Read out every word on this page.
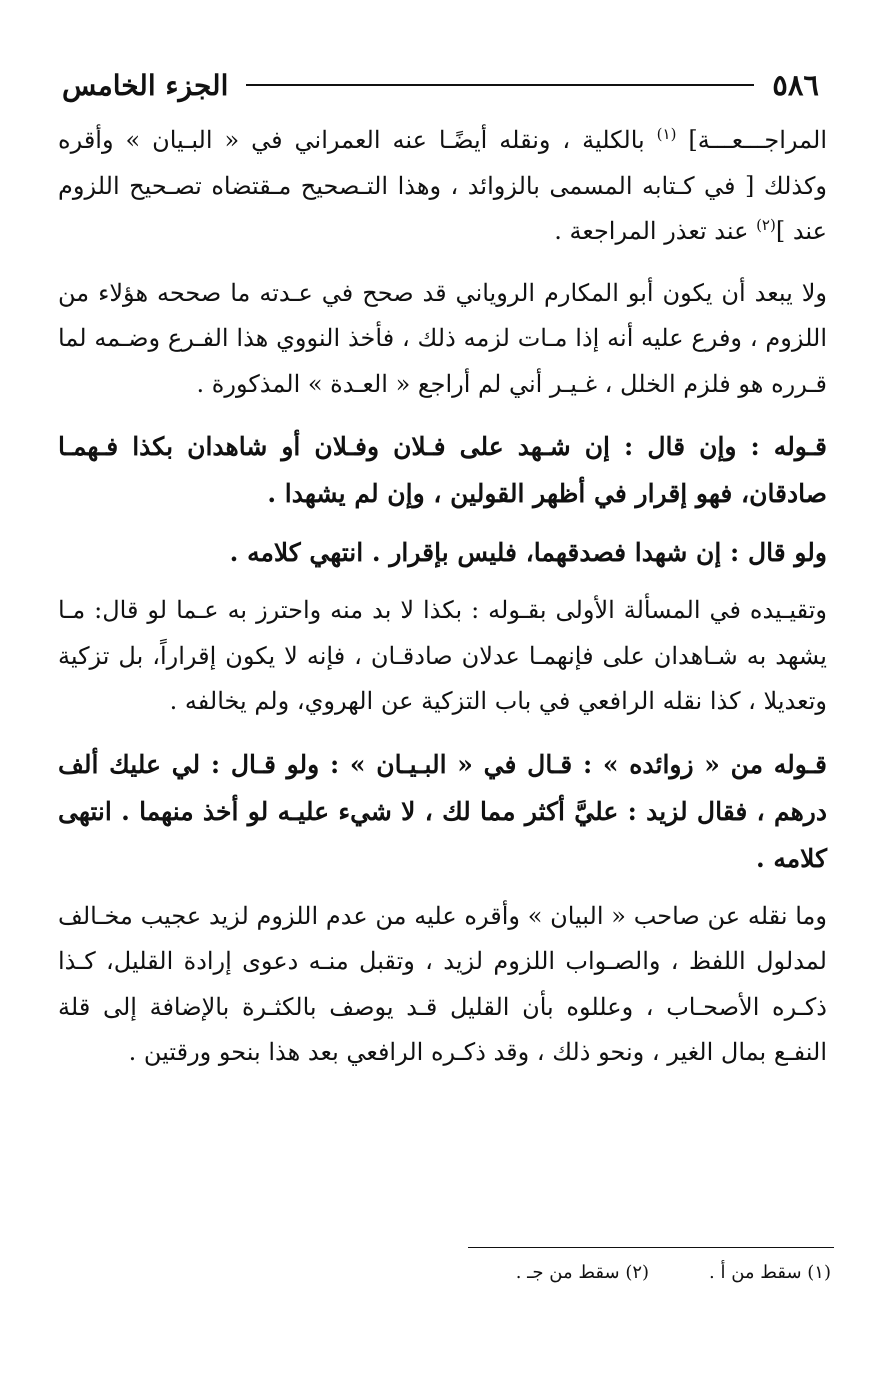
٥٨٦
الجزء الخامس

المراجـــعـــة] $^{(١)}$ بالكلية ، ونقله أيضًـا عنه العمراني في « البـيان » وأقره وكذلك [ في كـتابه المسمى بالزوائد ، وهذا التـصحيح مـقتضاه تصـحيح اللزوم عند ]$^{(٢)}$ عند تعذر المراجعة .

ولا يبعد أن يكون أبو المكارم الروياني قد صحح في عـدته ما صححه هؤلاء من اللزوم ، وفرع عليه أنه إذا مـات لزمه ذلك ، فأخذ النووي هذا الفـرع وضـمه لما قـرره هو فلزم الخلل ، غـيـر أني لم أراجع « العـدة » المذكورة .

قـوله : وإن قال : إن شـهد على فـلان وفـلان أو شاهدان بكذا فـهمـا صادقان، فهو إقرار في أظهر القولين ، وإن لم يشهدا .

ولو قال : إن شهدا فصدقهما، فليس بإقرار . انتهي كلامه .

وتقيـيده في المسألة الأولى بقـوله : بكذا لا بد منه واحترز به عـما لو قال: مـا يشهد به شـاهدان على فإنهمـا عدلان صادقـان ، فإنه لا يكون إقراراً، بل تزكية وتعديلا ، كذا نقله الرافعي في باب التزكية عن الهروي، ولم يخالفه .

قـوله من « زوائده » : قـال في « البـيـان » : ولو قـال : لي عليك ألف درهم ، فقال لزيد : عليَّ أكثر مما لك ، لا شيء عليـه لو أخذ منهما . انتهى كلامه .

وما نقله عن صاحب « البيان » وأقره عليه من عدم اللزوم لزيد عجيب مخـالف لمدلول اللفظ ، والصـواب اللزوم لزيد ، وتقبل منـه دعوى إرادة القليل، كـذا ذكـره الأصحـاب ، وعللوه بأن القليل قـد يوصف بالكثـرة بالإضافة إلى قلة النفـع بمال الغير ، ونحو ذلك ، وقد ذكـره الرافعي بعد هذا بنحو ورقتين .

(١) سقط من أ .
(٢) سقط من جـ .
